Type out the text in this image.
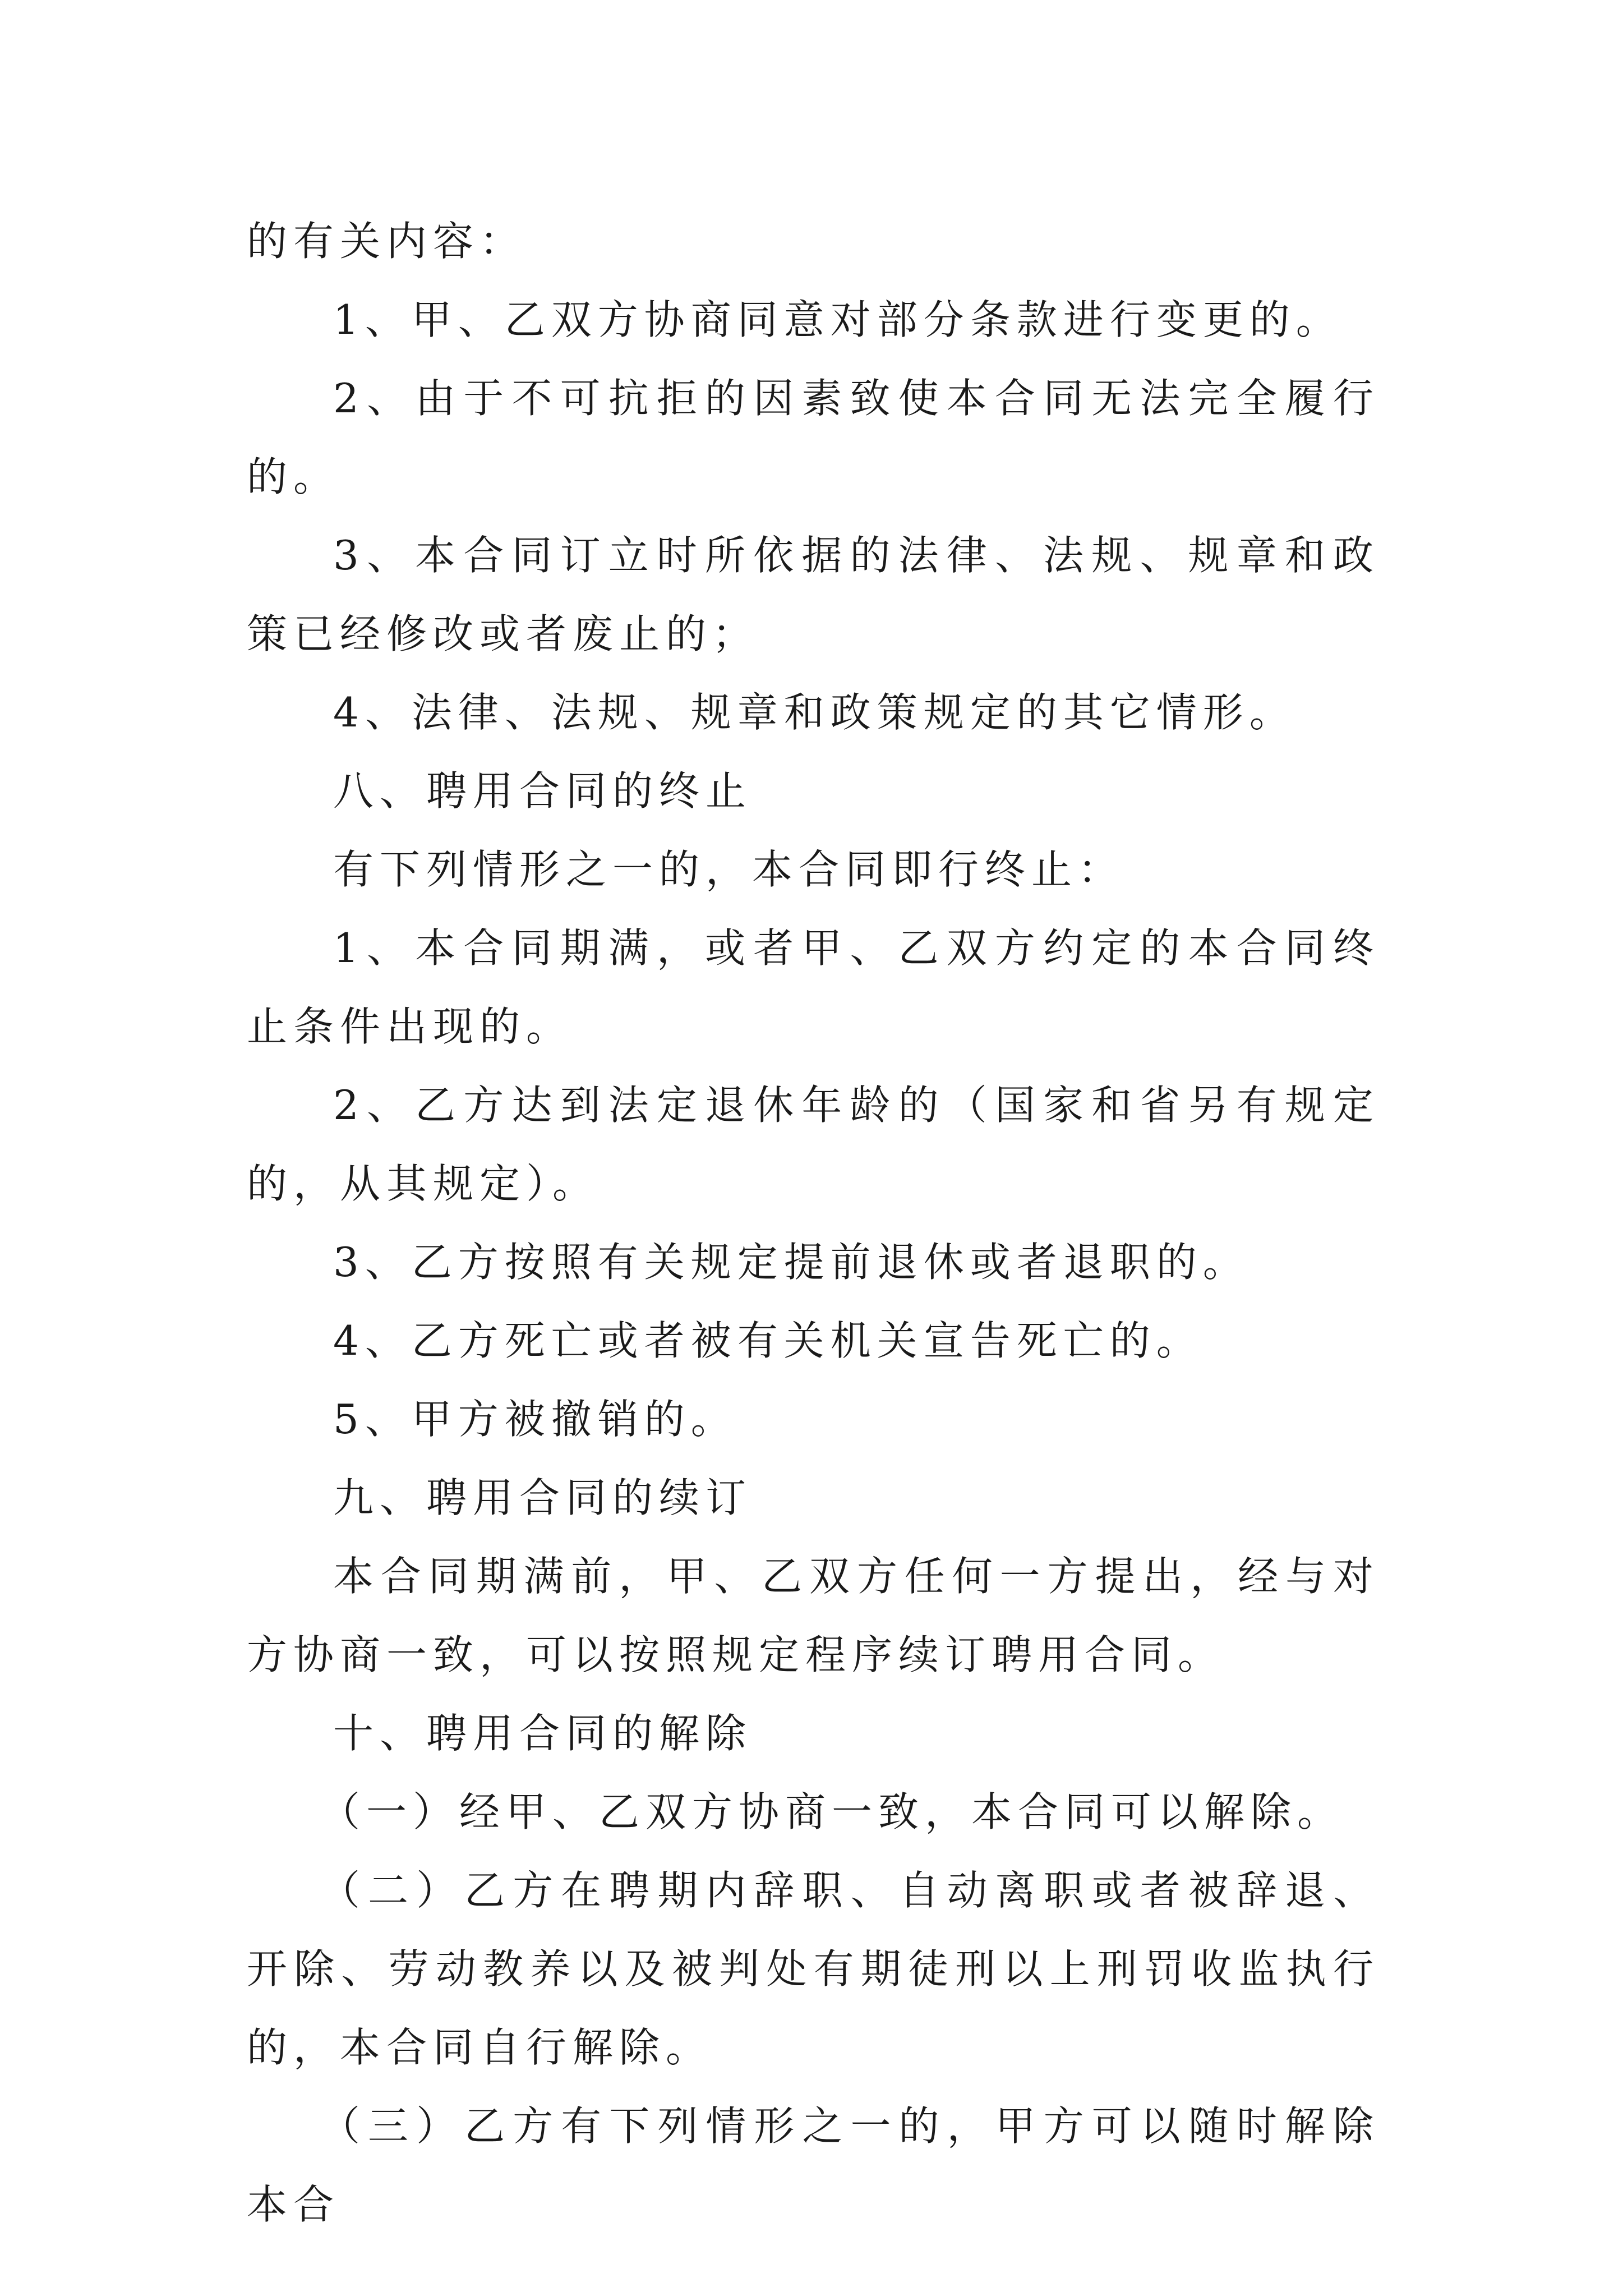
的有关内容：

1、甲、乙双方协商同意对部分条款进行变更的。

2、由于不可抗拒的因素致使本合同无法完全履行的。

3、本合同订立时所依据的法律、法规、规章和政策已经修改或者废止的；

4、法律、法规、规章和政策规定的其它情形。

八、聘用合同的终止

有下列情形之一的，本合同即行终止：

1、本合同期满，或者甲、乙双方约定的本合同终止条件出现的。

2、乙方达到法定退休年龄的（国家和省另有规定的，从其规定）。

3、乙方按照有关规定提前退休或者退职的。

4、乙方死亡或者被有关机关宣告死亡的。

5、甲方被撤销的。

九、聘用合同的续订

本合同期满前，甲、乙双方任何一方提出，经与对方协商一致，可以按照规定程序续订聘用合同。

十、聘用合同的解除

（一）经甲、乙双方协商一致，本合同可以解除。

（二）乙方在聘期内辞职、自动离职或者被辞退、开除、劳动教养以及被判处有期徒刑以上刑罚收监执行的，本合同自行解除。

（三）乙方有下列情形之一的，甲方可以随时解除本合
